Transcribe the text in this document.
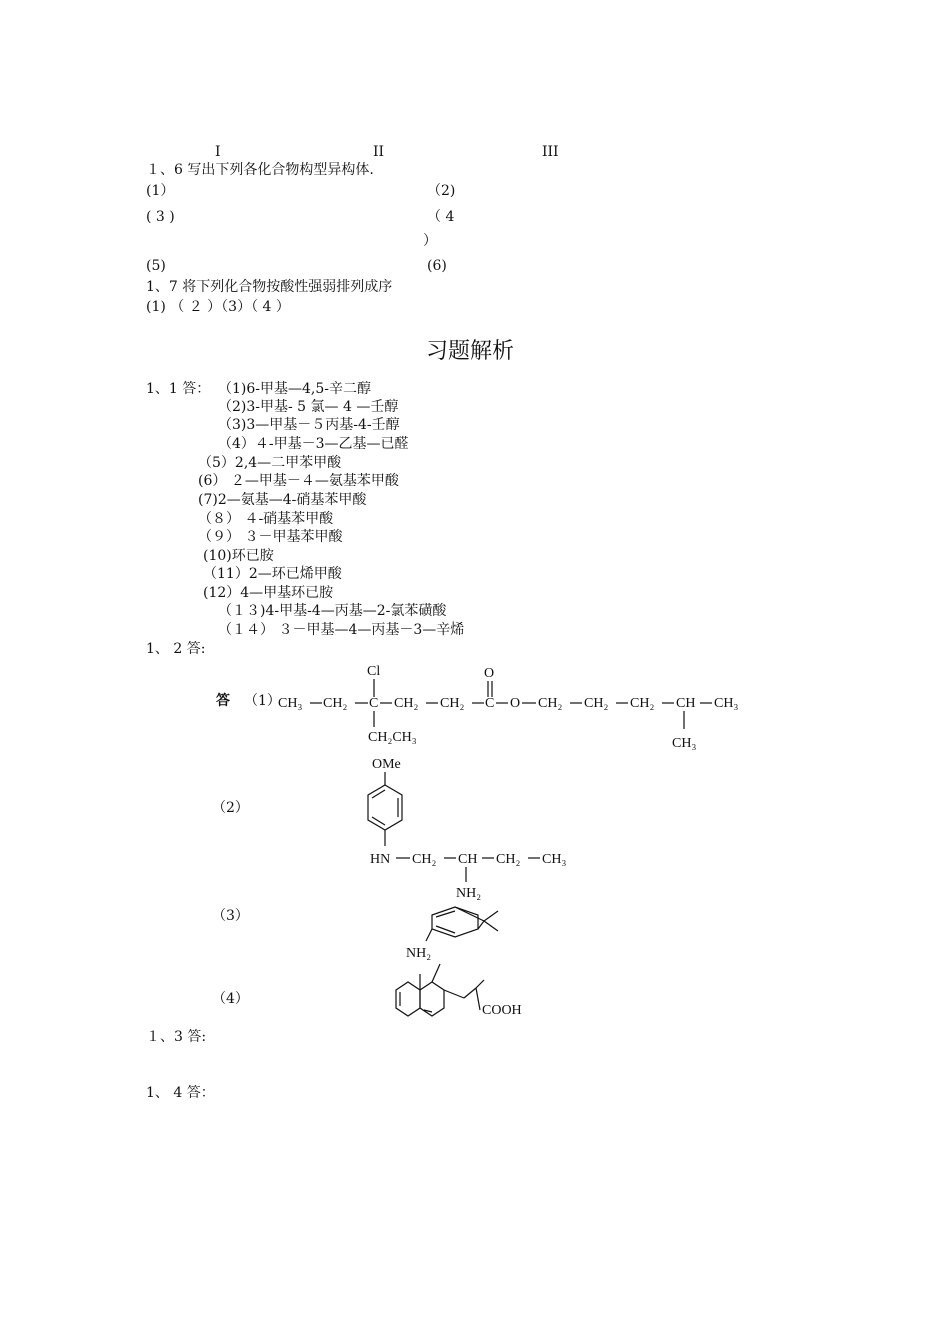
I	II	III
１、6 写出下列各化合物构型异构体.
(1）	（2)
( 3 )	（ 4
）
(5)	(6)
1、7 将下列化合物按酸性强弱排列成序
(1) （ ２ ）（3）（ 4 ）
习题解析
1、1 答： （1)6-甲基—4,5-辛二醇
（2)3-甲基- 5 氯— 4 —壬醇
（3)3—甲基－５丙基-4-壬醇
（4）４-甲基－3—乙基—已醛
（5）2,4—二甲苯甲酸
(6） ２—甲基－４—氨基苯甲酸
(7)2—氨基—4-硝基苯甲酸
（８） ４-硝基苯甲酸
（９） ３－甲基苯甲酸
(10)环已胺
（11）2—环已烯甲酸
(12）4—甲基环已胺
（１３)4-甲基-4—丙基—2-氯苯磺酸
（１４） ３－甲基—4—丙基－3—辛烯
1、 2 答:
答 （1）
（2）
（3）
（4）
Cl	O
CH₃ CH₂ C CH₂ CH₂ C O CH₂ CH₂ CH₂ CH CH₃
CH₂CH₃	CH₃
OMe
HN CH₂ CH CH₂ CH₃
NH₂
NH₂
COOH
１、3 答:
1、 4 答：
